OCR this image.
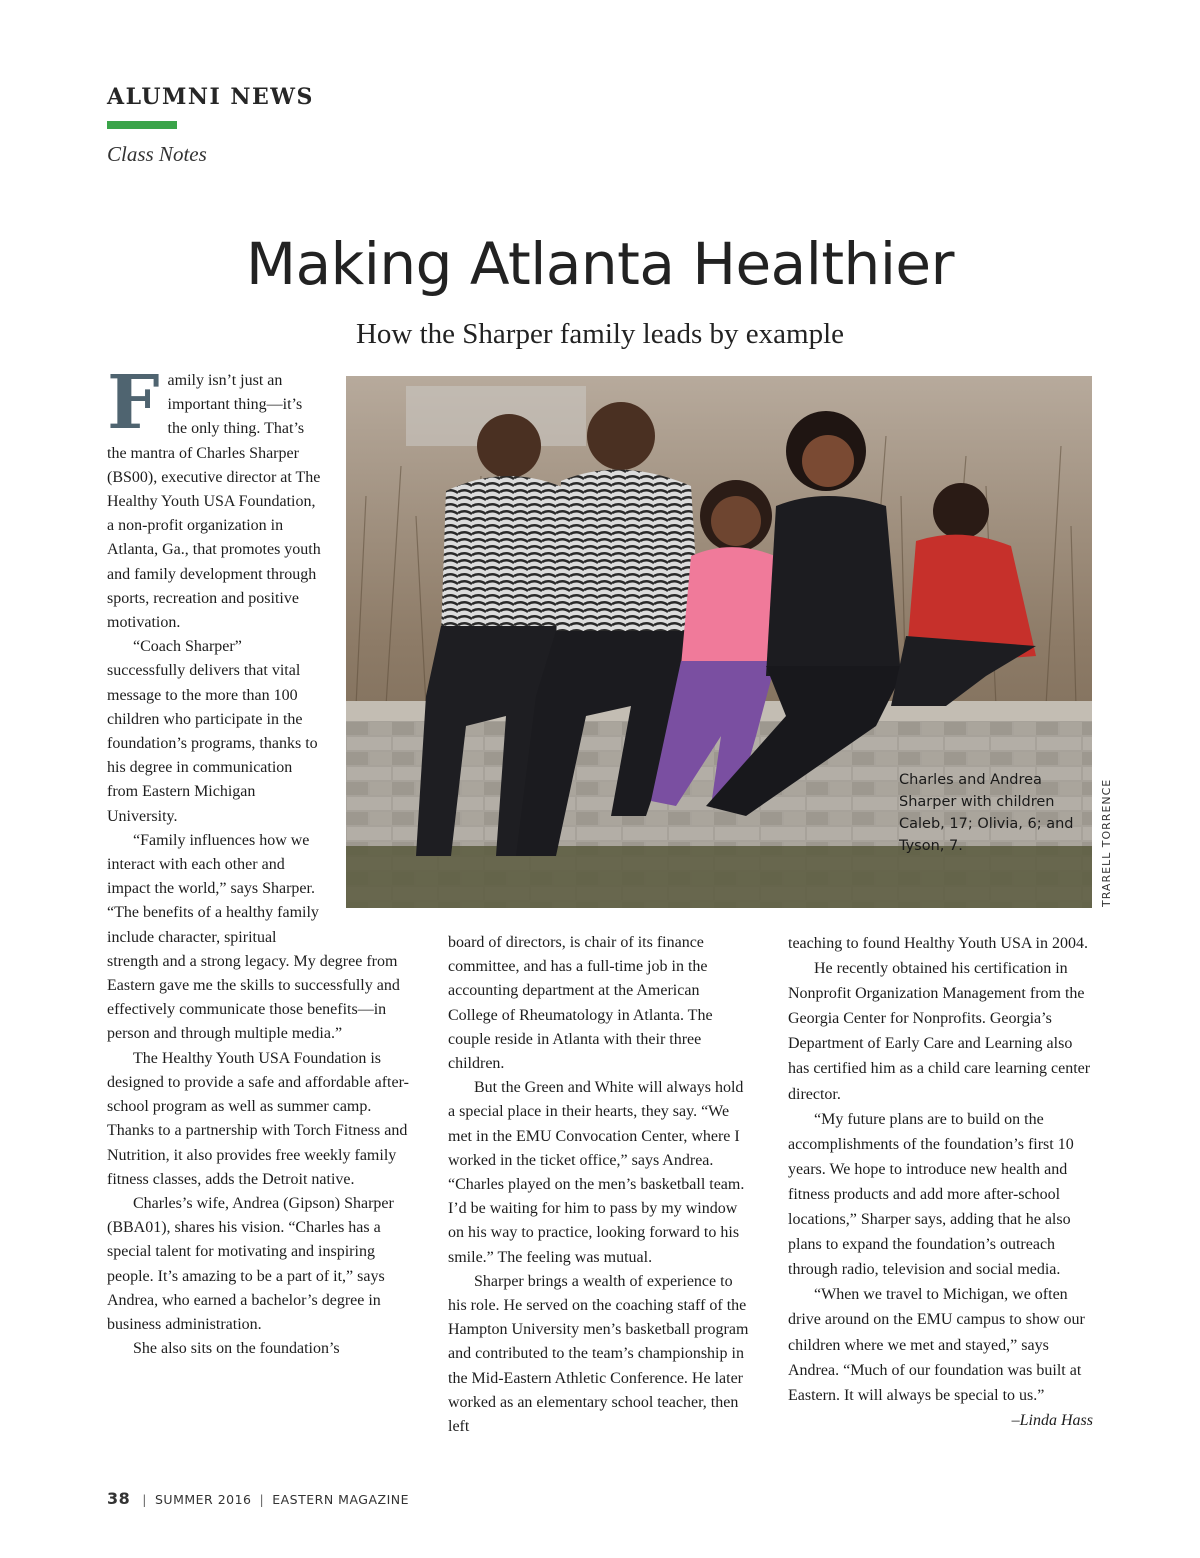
ALUMNI NEWS
Class Notes
Making Atlanta Healthier
How the Sharper family leads by example
Charles and Andrea Sharper with children Caleb, 17; Olivia, 6; and Tyson, 7.	TRARELL TORRENCE

Family isn’t just an important thing—it’s the only thing. That’s the mantra of Charles Sharper (BS00), executive director at The Healthy Youth USA Foundation, a non-profit organization in Atlanta, Ga., that promotes youth and family development through sports, recreation and positive motivation.

“Coach Sharper” successfully delivers that vital message to the more than 100 children who participate in the foundation’s programs, thanks to his degree in communication from Eastern Michigan University.

“Family influences how we interact with each other and impact the world,” says Sharper. “The benefits of a healthy family include character, spiritual strength and a strong legacy. My degree from Eastern gave me the skills to successfully and effectively communicate those benefits—in person and through multiple media.”

The Healthy Youth USA Foundation is designed to provide a safe and affordable after-school program as well as summer camp. Thanks to a partnership with Torch Fitness and Nutrition, it also provides free weekly family fitness classes, adds the Detroit native.

Charles’s wife, Andrea (Gipson) Sharper (BBA01), shares his vision. “Charles has a special talent for motivating and inspiring people. It’s amazing to be a part of it,” says Andrea, who earned a bachelor’s degree in business administration.

She also sits on the foundation’s

board of directors, is chair of its finance committee, and has a full-time job in the accounting department at the American College of Rheumatology in Atlanta. The couple reside in Atlanta with their three children.

But the Green and White will always hold a special place in their hearts, they say. “We met in the EMU Convocation Center, where I worked in the ticket office,” says Andrea. “Charles played on the men’s basketball team. I’d be waiting for him to pass by my window on his way to practice, looking forward to his smile.” The feeling was mutual.

Sharper brings a wealth of experience to his role. He served on the coaching staff of the Hampton University men’s basketball program and contributed to the team’s championship in the Mid-Eastern Athletic Conference. He later worked as an elementary school teacher, then left

teaching to found Healthy Youth USA in 2004.

He recently obtained his certification in Nonprofit Organization Management from the Georgia Center for Nonprofits. Georgia’s Department of Early Care and Learning also has certified him as a child care learning center director.

“My future plans are to build on the accomplishments of the foundation’s first 10 years. We hope to introduce new health and fitness products and add more after-school locations,” Sharper says, adding that he also plans to expand the foundation’s outreach through radio, television and social media.

“When we travel to Michigan, we often drive around on the EMU campus to show our children where we met and stayed,” says Andrea. “Much of our foundation was built at Eastern. It will always be special to us.”

–Linda Hass

38 | SUMMER 2016 | EASTERN MAGAZINE
